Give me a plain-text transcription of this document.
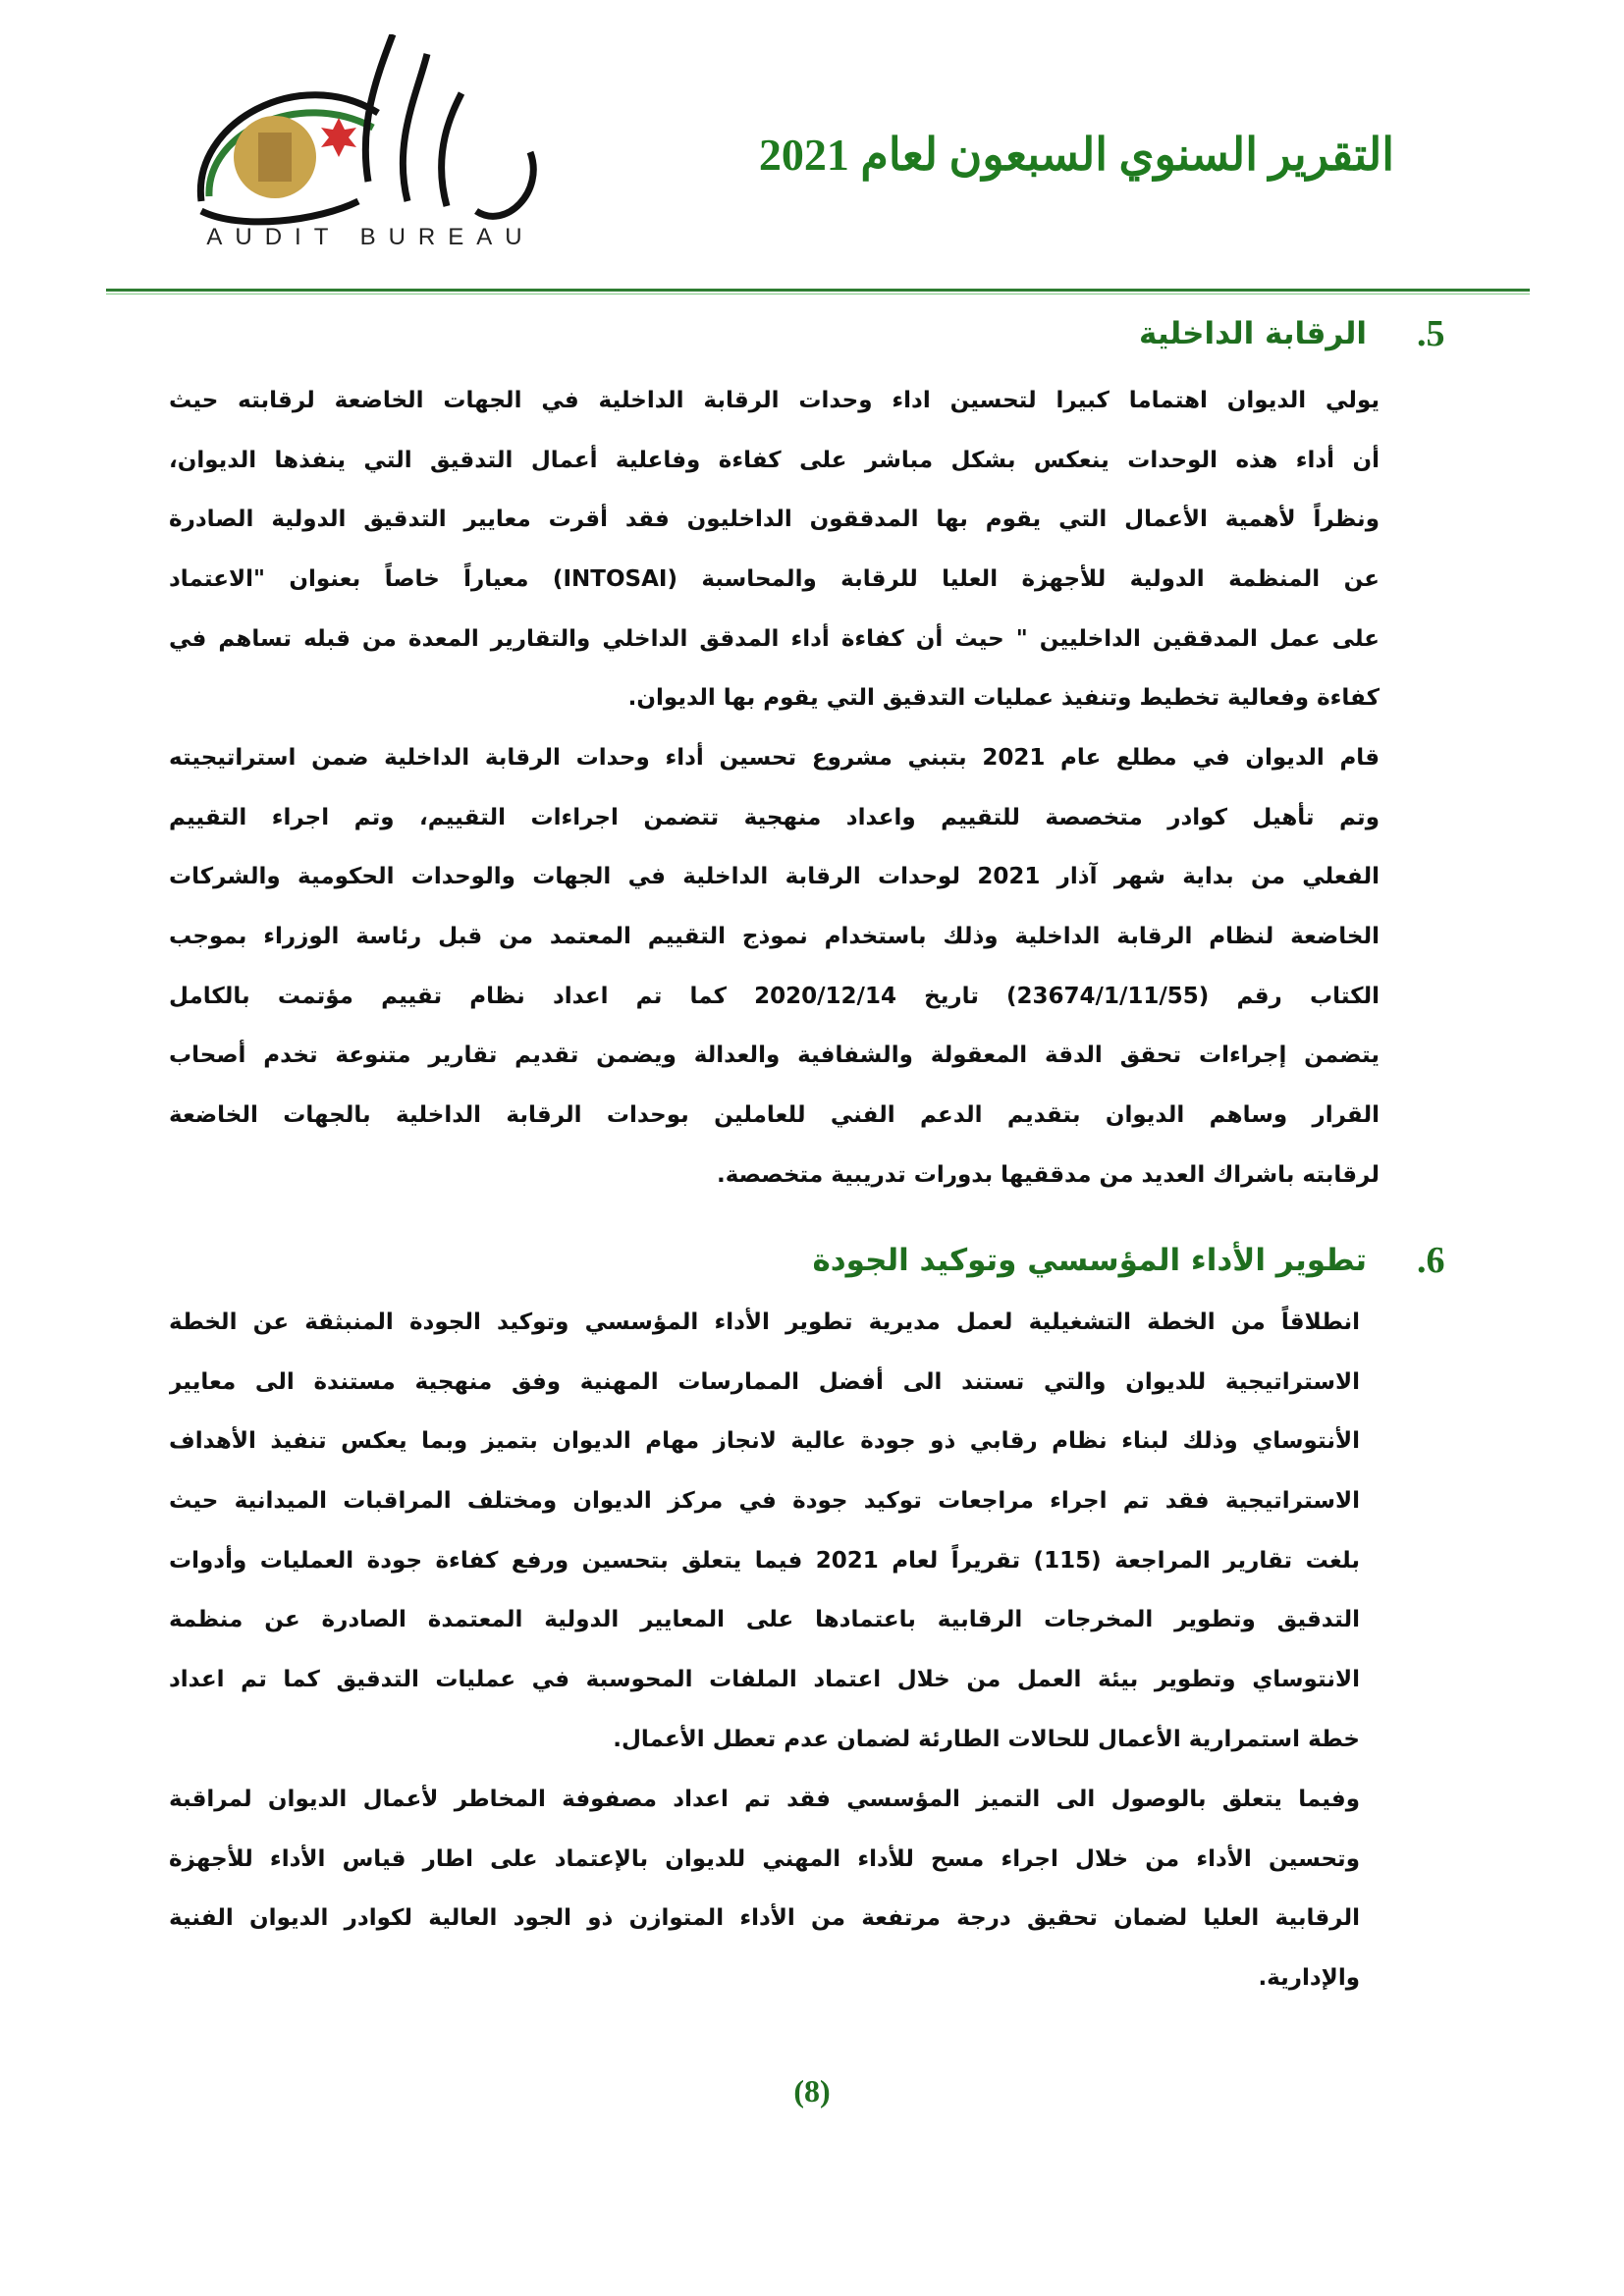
AUDIT BUREAU
التقرير السنوي السبعون لعام 2021
.5
الرقابة الداخلية
يولي الديوان اهتماما كبيرا لتحسين اداء وحدات الرقابة الداخلية في الجهات الخاضعة لرقابته حيث
أن أداء هذه الوحدات ينعكس بشكل مباشر على كفاءة وفاعلية أعمال التدقيق التي ينفذها الديوان،
ونظراً لأهمية الأعمال التي يقوم بها المدققون الداخليون فقد أقرت معايير التدقيق الدولية الصادرة
عن المنظمة الدولية للأجهزة العليا للرقابة والمحاسبة (INTOSAI) معياراً خاصاً بعنوان "الاعتماد
على عمل المدققين الداخليين " حيث أن كفاءة أداء المدقق الداخلي والتقارير المعدة من قبله تساهم في
كفاءة وفعالية تخطيط وتنفيذ عمليات التدقيق التي يقوم بها الديوان.
قام الديوان في مطلع عام 2021 بتبني مشروع تحسين أداء وحدات الرقابة الداخلية ضمن استراتيجيته
وتم تأهيل كوادر متخصصة للتقييم واعداد منهجية تتضمن اجراءات التقييم، وتم اجراء التقييم
الفعلي من بداية شهر آذار 2021 لوحدات الرقابة الداخلية في الجهات والوحدات الحكومية والشركات
الخاضعة لنظام الرقابة الداخلية وذلك باستخدام نموذج التقييم المعتمد من قبل رئاسة الوزراء بموجب
الكتاب رقم (23674/1/11/55) تاريخ 2020/12/14 كما تم اعداد نظام تقييم مؤتمت بالكامل
يتضمن إجراءات تحقق الدقة المعقولة والشفافية والعدالة ويضمن تقديم تقارير متنوعة تخدم أصحاب
القرار وساهم الديوان بتقديم الدعم الفني للعاملين بوحدات الرقابة الداخلية بالجهات الخاضعة
لرقابته باشراك العديد من مدققيها بدورات تدريبية متخصصة.
.6
تطوير الأداء المؤسسي وتوكيد الجودة
انطلاقاً من الخطة التشغيلية لعمل مديرية تطوير الأداء المؤسسي وتوكيد الجودة المنبثقة عن الخطة
الاستراتيجية للديوان والتي تستند الى أفضل الممارسات المهنية وفق منهجية مستندة الى معايير
الأنتوساي وذلك لبناء نظام رقابي ذو جودة عالية لانجاز مهام الديوان بتميز وبما يعكس تنفيذ الأهداف
الاستراتيجية فقد تم اجراء مراجعات توكيد جودة في مركز الديوان ومختلف المراقبات الميدانية حيث
بلغت تقارير المراجعة (115) تقريراً لعام 2021 فيما يتعلق بتحسين ورفع كفاءة جودة العمليات وأدوات
التدقيق وتطوير المخرجات الرقابية باعتمادها على المعايير الدولية المعتمدة الصادرة عن منظمة
الانتوساي وتطوير بيئة العمل من خلال اعتماد الملفات المحوسبة في عمليات التدقيق كما تم اعداد
خطة استمرارية الأعمال للحالات الطارئة لضمان عدم تعطل الأعمال.
وفيما يتعلق بالوصول الى التميز المؤسسي فقد تم اعداد مصفوفة المخاطر لأعمال الديوان لمراقبة
وتحسين الأداء من خلال اجراء مسح للأداء المهني للديوان بالإعتماد على اطار قياس الأداء للأجهزة
الرقابية العليا لضمان تحقيق درجة مرتفعة من الأداء المتوازن ذو الجود العالية لكوادر الديوان الفنية
والإدارية.
(8)
